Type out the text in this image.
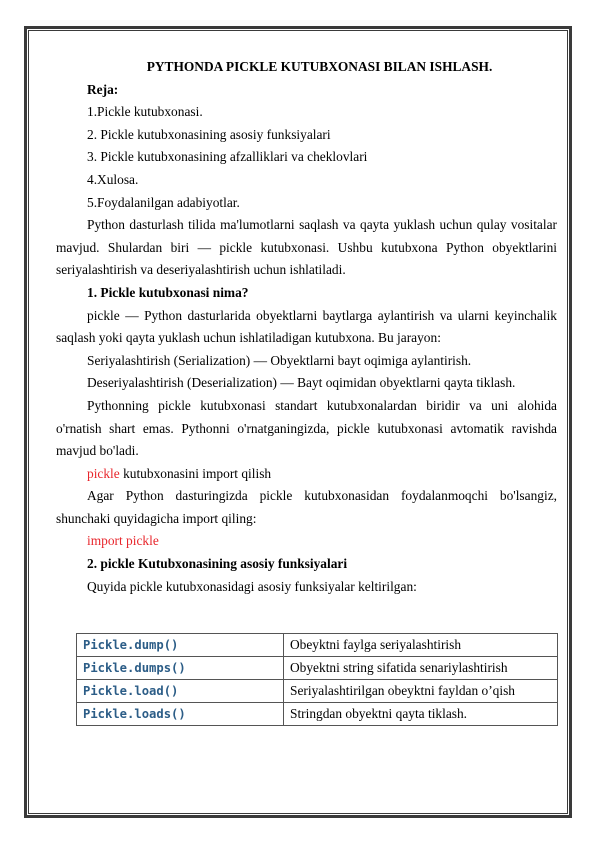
PYTHONDA PICKLE KUTUBXONASI BILAN ISHLASH.

Reja:

1.Pickle kutubxonasi.

2. Pickle kutubxonasining asosiy funksiyalari

3. Pickle kutubxonasining afzalliklari va cheklovlari

4.Xulosa.

5.Foydalanilgan adabiyotlar.

Python dasturlash tilida ma'lumotlarni saqlash va qayta yuklash uchun qulay vositalar mavjud. Shulardan biri — pickle kutubxonasi. Ushbu kutubxona Python obyektlarini seriyalashtirish va deseriyalashtirish uchun ishlatiladi.

1. Pickle kutubxonasi nima?

pickle — Python dasturlarida obyektlarni baytlarga aylantirish va ularni keyinchalik saqlash yoki qayta yuklash uchun ishlatiladigan kutubxona. Bu jarayon:

Seriyalashtirish (Serialization) — Obyektlarni bayt oqimiga aylantirish.

Deseriyalashtirish (Deserialization) — Bayt oqimidan obyektlarni qayta tiklash.

Pythonning pickle kutubxonasi standart kutubxonalardan biridir va uni alohida o'rnatish shart emas. Pythonni o'rnatganingizda, pickle kutubxonasi avtomatik ravishda mavjud bo'ladi.

pickle kutubxonasini import qilish

Agar Python dasturingizda pickle kutubxonasidan foydalanmoqchi bo'lsangiz, shunchaki quyidagicha import qiling:

import pickle

2. pickle Kutubxonasining asosiy funksiyalari

Quyida pickle kutubxonasidagi asosiy funksiyalar keltirilgan:

Pickle.dump()	Obeyktni faylga seriyalashtirish
Pickle.dumps()	Obyektni string sifatida senariylashtirish
Pickle.load()	Seriyalashtirilgan obeyktni fayldan o’qish
Pickle.loads()	Stringdan obyektni qayta tiklash.
